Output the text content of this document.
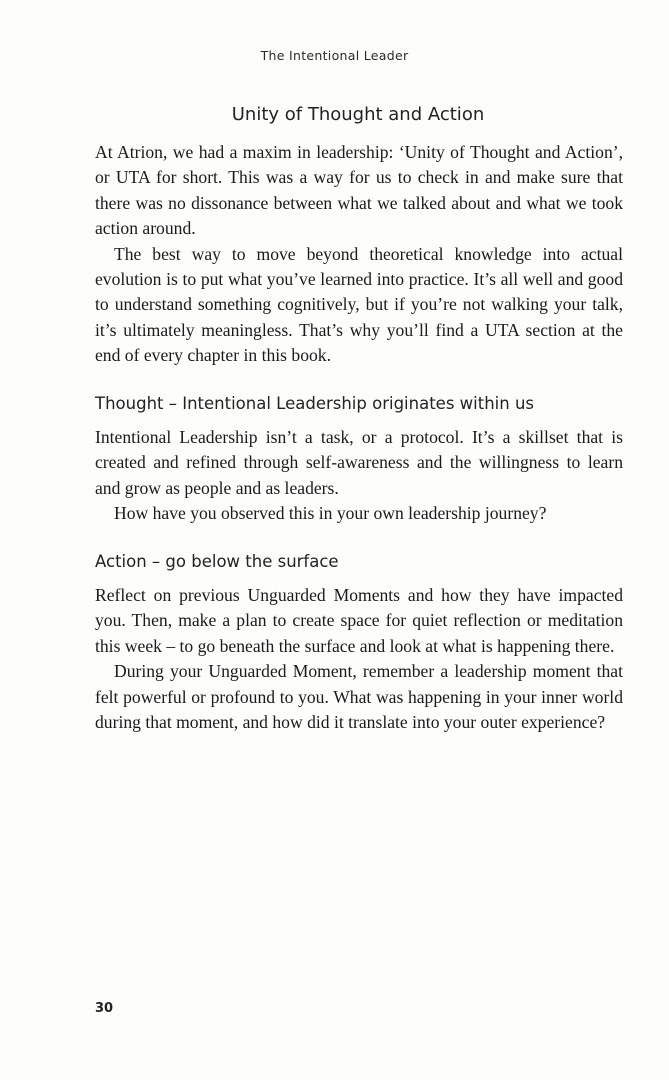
The Intentional Leader
Unity of Thought and Action

At Atrion, we had a maxim in leadership: ‘Unity of Thought and Action’, or UTA for short. This was a way for us to check in and make sure that there was no dissonance between what we talked about and what we took action around.

The best way to move beyond theoretical knowledge into actual evolution is to put what you’ve learned into practice. It’s all well and good to understand something cognitively, but if you’re not walking your talk, it’s ultimately meaningless. That’s why you’ll find a UTA section at the end of every chapter in this book.

Thought – Intentional Leadership originates within us

Intentional Leadership isn’t a task, or a protocol. It’s a skillset that is created and refined through self-awareness and the willingness to learn and grow as people and as leaders.

How have you observed this in your own leadership journey?

Action – go below the surface

Reflect on previous Unguarded Moments and how they have impacted you. Then, make a plan to create space for quiet reflection or meditation this week – to go beneath the surface and look at what is happening there.

During your Unguarded Moment, remember a leadership moment that felt powerful or profound to you. What was happening in your inner world during that moment, and how did it translate into your outer experience?

30
